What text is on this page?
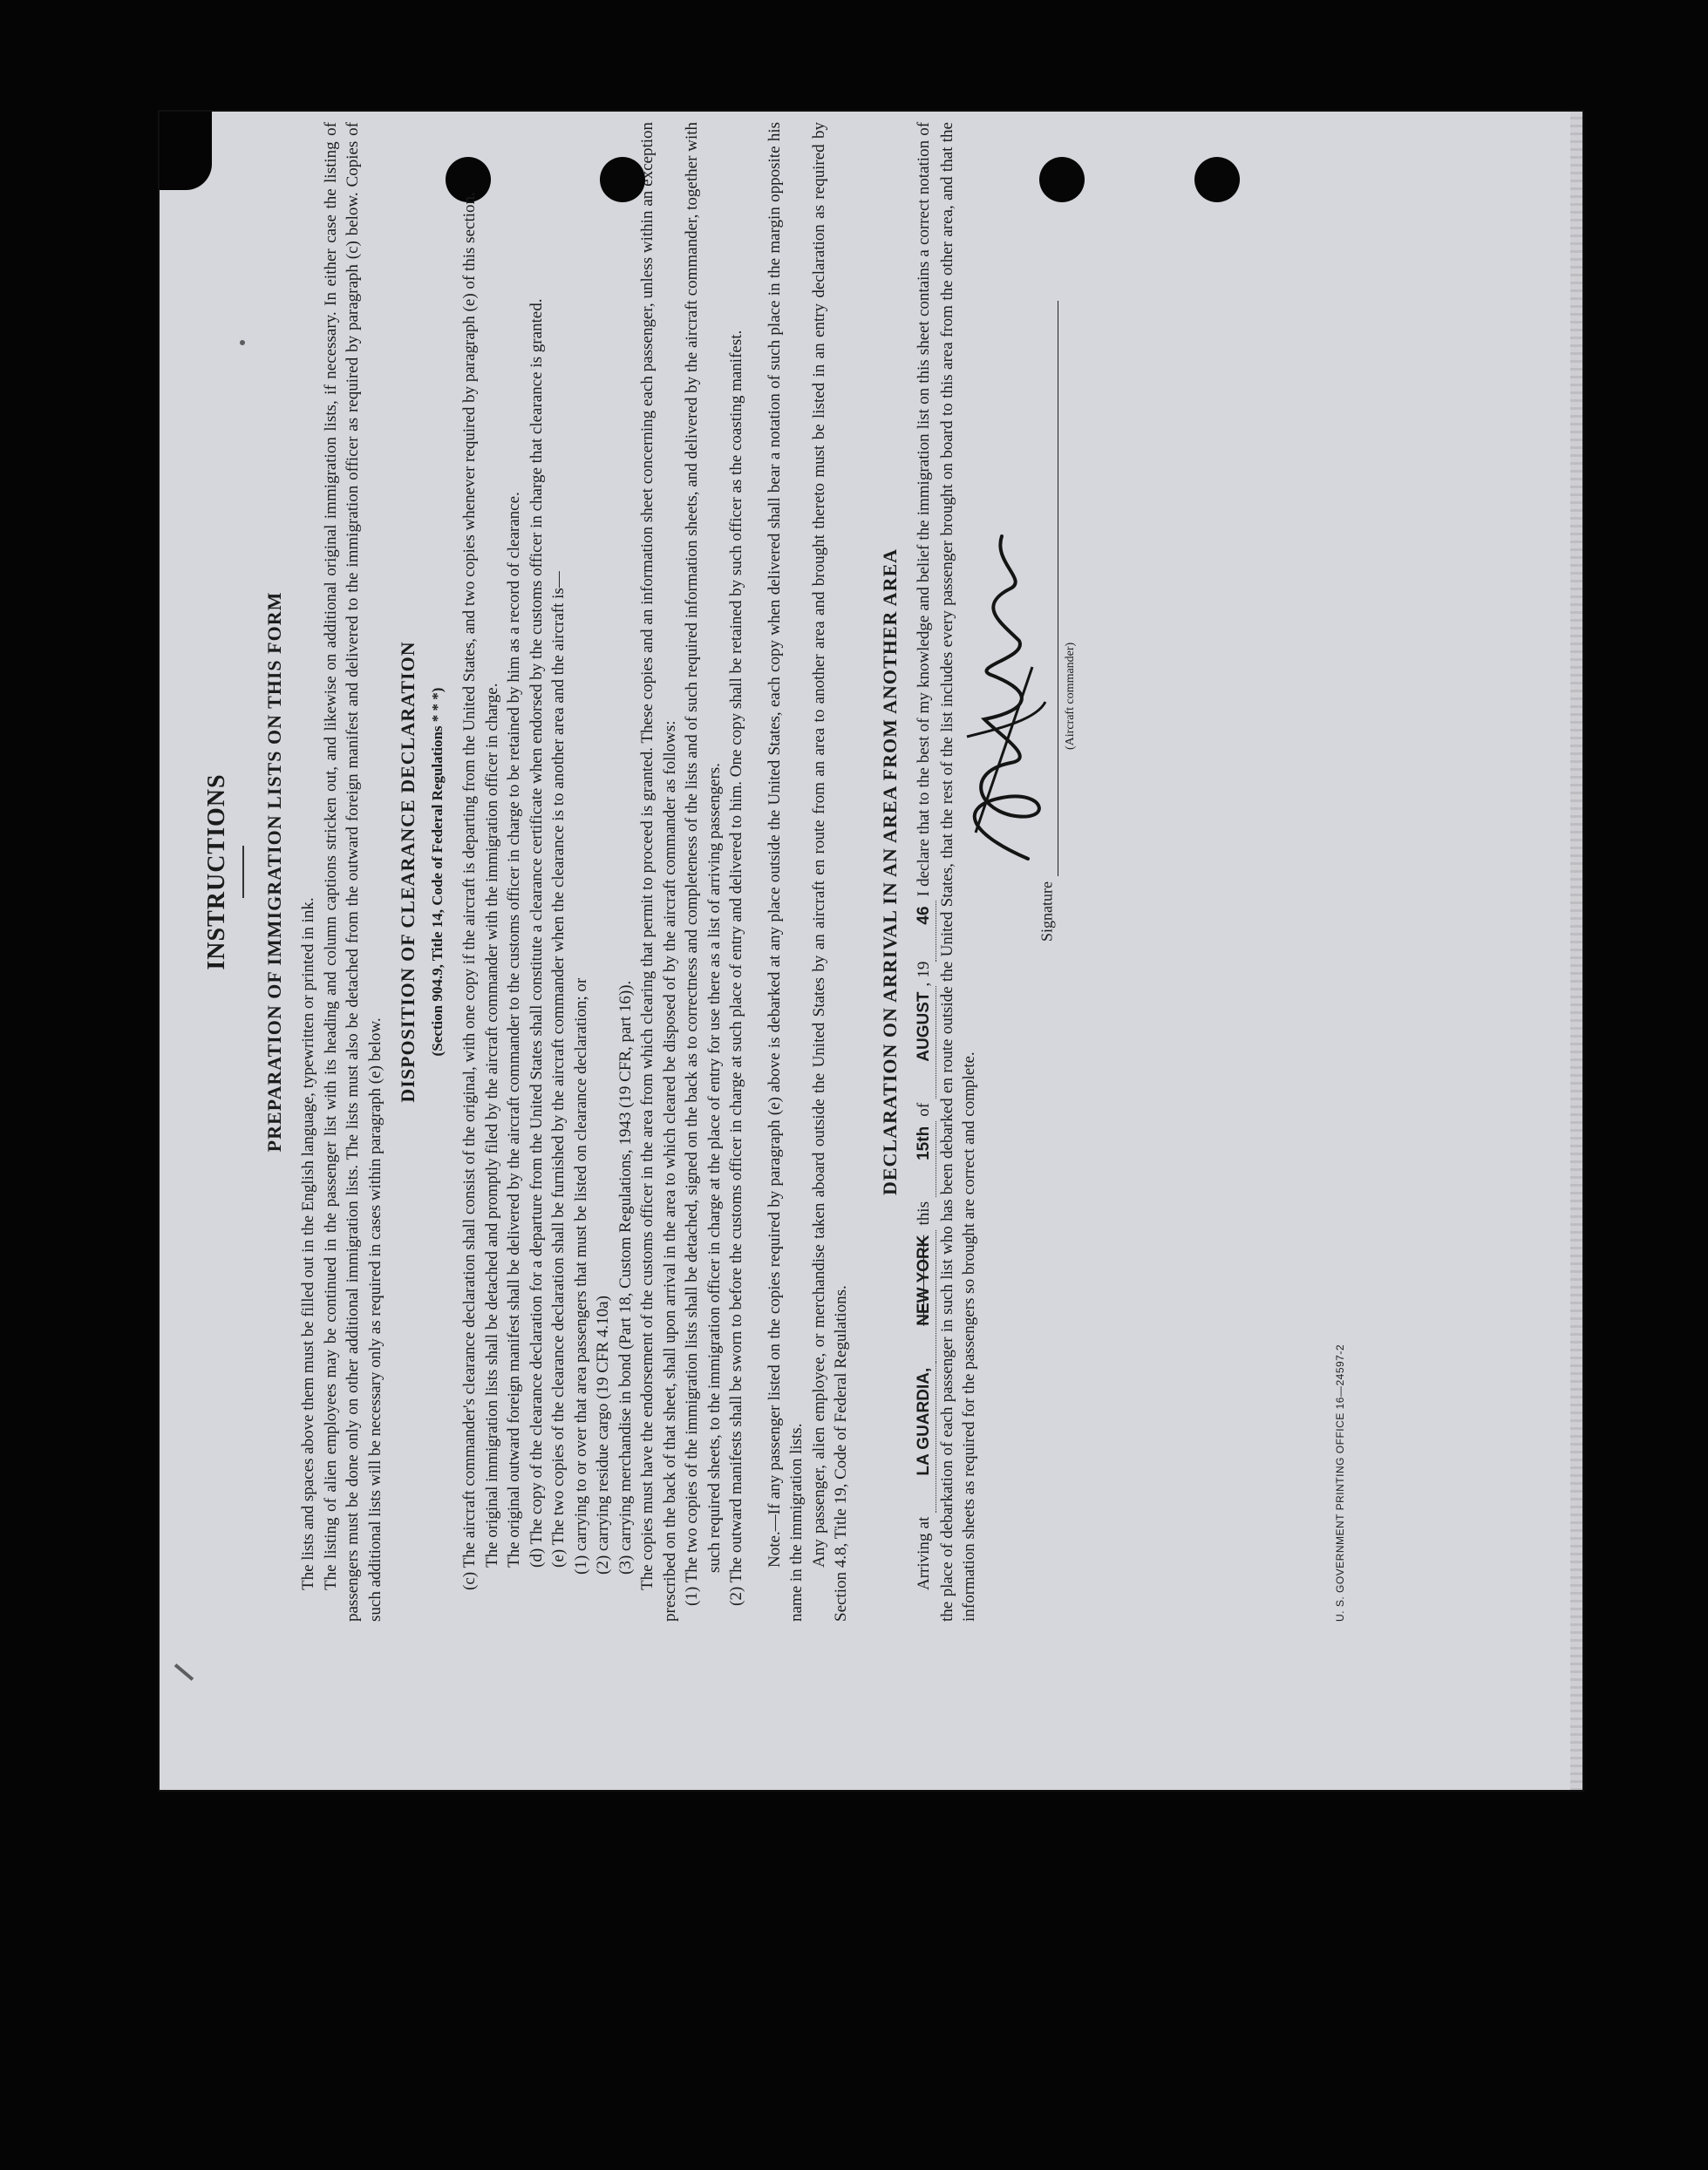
INSTRUCTIONS PREPARATION OF IMMIGRATION LISTS ON THIS FORM

The lists and spaces above them must be filled out in the English language, typewritten or printed in ink. The listing of alien employees may be continued in the passenger list with its heading and column captions stricken out, and likewise on additional original immigration lists, if necessary. In either case the listing of passengers must be done only on other additional immigration lists. The lists must also be detached from the outward foreign manifest and delivered to the immigration officer as required by paragraph (c) below. Copies of such additional lists will be necessary only as required in cases within paragraph (e) below.

DISPOSITION OF CLEARANCE DECLARATION (Section 904.9, Title 14, Code of Federal Regulations * * *) (c) The aircraft commander's clearance declaration shall consist of the original, with one copy if the aircraft is departing from the United States, and two copies whenever required by paragraph (e) of this section. The original immigration lists shall be detached and promptly filed by the aircraft commander with the immigration officer in charge. The original outward foreign manifest shall be delivered by the aircraft commander to the customs officer in charge to be retained by him as a record of clearance. (d) The copy of the clearance declaration for a departure from the United States shall constitute a clearance certificate when endorsed by the customs officer in charge that clearance is granted. (e) The two copies of the clearance declaration shall be furnished by the aircraft commander when the clearance is to another area and the aircraft is— (1) carrying to or over that area passengers that must be listed on clearance declaration; or (2) carrying residue cargo (19 CFR 4.10a) (3) carrying merchandise in bond (Part 18, Custom Regulations, 1943 (19 CFR, part 16)). The copies must have the endorsement of the customs officer in the area from which clearing that permit to proceed is granted. These copies and an information sheet concerning each passenger, unless within an exception prescribed on the back of that sheet, shall upon arrival in the area to which cleared be disposed of by the aircraft commander as follows: (1) The two copies of the immigration lists shall be detached, signed on the back as to correctness and completeness of the lists and of such required information sheets, and delivered by the aircraft commander, together with such required sheets, to the immigration officer in charge at the place of entry for use there as a list of arriving passengers. (2) The outward manifests shall be sworn to before the customs officer in charge at such place of entry and delivered to him. One copy shall be retained by such officer as the coasting manifest. Note.—If any passenger listed on the copies required by paragraph (e) above is debarked at any place outside the United States, each copy when delivered shall bear a notation of such place in the margin opposite his name in the immigration lists. Any passenger, alien employee, or merchandise taken aboard outside the United States by an aircraft en route from an area to another area and brought thereto must be listed in an entry declaration as required by Section 4.8, Title 19, Code of Federal Regulations.

DECLARATION ON ARRIVAL IN AN AREA FROM ANOTHER AREA

Arriving at LA GUARDIA,NEW YORK this 15th of AUGUST, 1946 I declare that to the best of my knowledge and belief the immigration list on this sheet contains a correct notation of the place of debarkation of each passenger in such list who has been debarked en route outside the United States, that the rest of the list includes every passenger brought on board to this area from the other area, and that the information sheets as required for the passengers so brought are correct and complete.

Signature
(Aircraft commander)
U. S. GOVERNMENT PRINTING OFFICE 16—24597-2
